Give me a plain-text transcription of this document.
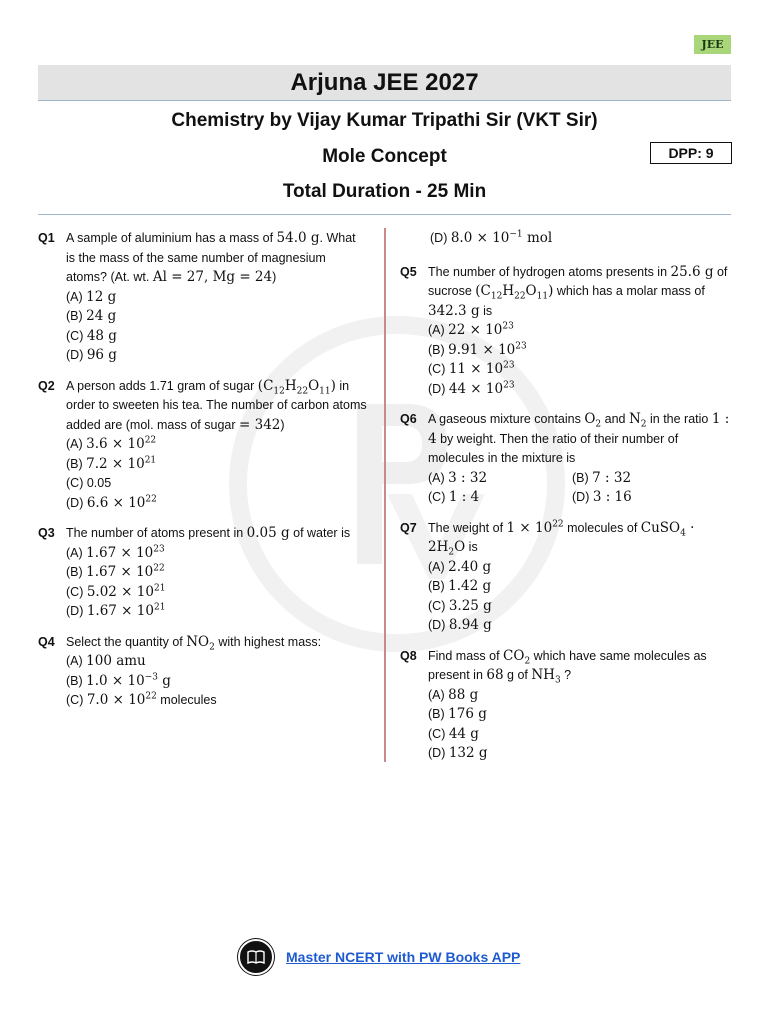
JEE
Arjuna JEE 2027
Chemistry by Vijay Kumar Tripathi Sir (VKT Sir)
Mole Concept	DPP: 9
Total Duration - 25 Min
Q1 A sample of aluminium has a mass of 54.0 g. What is the mass of the same number of magnesium atoms? (At. wt. Al = 27, Mg = 24)
(A) 12 g
(B) 24 g
(C) 48 g
(D) 96 g
Q2 A person adds 1.71 gram of sugar $(C_{12}H_{22}O_{11})$ in order to sweeten his tea. The number of carbon atoms added are (mol. mass of sugar = 342)
(A) $3.6 \times 10^{22}$
(B) $7.2 \times 10^{21}$
(C) 0.05
(D) $6.6 \times 10^{22}$
Q3 The number of atoms present in 0.05 g of water is
(A) $1.67 \times 10^{23}$
(B) $1.67 \times 10^{22}$
(C) $5.02 \times 10^{21}$
(D) $1.67 \times 10^{21}$
Q4 Select the quantity of $NO_2$ with highest mass:
(A) 100 amu
(B) $1.0 \times 10^{-3}$ g
(C) $7.0 \times 10^{22}$ molecules
(D) $8.0 \times 10^{-1}$ mol
Q5 The number of hydrogen atoms presents in 25.6 g of sucrose $(C_{12}H_{22}O_{11})$ which has a molar mass of 342.3 g is
(A) $22 \times 10^{23}$
(B) $9.91 \times 10^{23}$
(C) $11 \times 10^{23}$
(D) $44 \times 10^{23}$
Q6 A gaseous mixture contains $O_2$ and $N_2$ in the ratio 1 : 4 by weight. Then the ratio of their number of molecules in the mixture is
(A) 3 : 32	(B) 7 : 32
(C) 1 : 4	(D) 3 : 16
Q7 The weight of $1 \times 10^{22}$ molecules of CuSO$_4$ · $2H_2O$ is
(A) 2.40 g
(B) 1.42 g
(C) 3.25 g
(D) 8.94 g
Q8 Find mass of $CO_2$ which have same molecules as present in 68 g of $NH_3$ ?
(A) 88 g
(B) 176 g
(C) 44 g
(D) 132 g
Master NCERT with PW Books APP
